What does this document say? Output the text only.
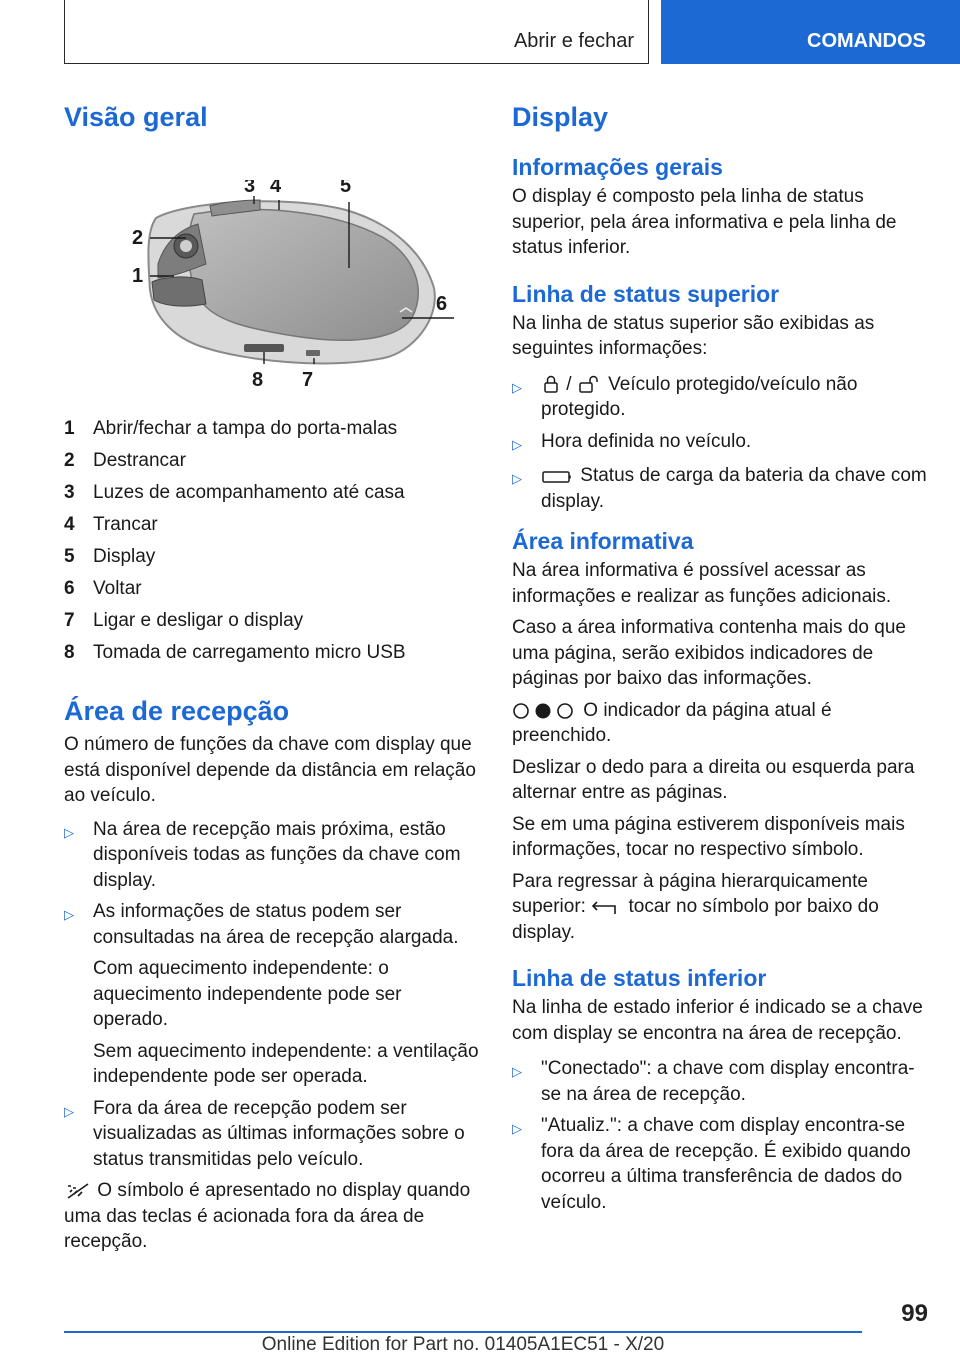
Abrir e fechar	COMANDOS
Visão geral
3 4	5
2
1
6
8 7
1 Abrir/fechar a tampa do porta-malas
2 Destrancar
3 Luzes de acompanhamento até casa
4 Trancar
5 Display
6 Voltar
7 Ligar e desligar o display
8 Tomada de carregamento micro USB
Área de recepção

O número de funções da chave com display que está disponível depende da distância em relação ao veículo.

▷	Na área de recepção mais próxima, estão disponíveis todas as funções da chave com display.

▷	As informações de status podem ser consultadas na área de recepção alargada.

Com aquecimento independente: o aquecimento independente pode ser operado.

Sem aquecimento independente: a ventilação independente pode ser operada.

▷	Fora da área de recepção podem ser visualizadas as últimas informações sobre o status transmitidas pelo veículo.

O símbolo é apresentado no display quando uma das teclas é acionada fora da área de recepção.

Display
Informações gerais

O display é composto pela linha de status superior, pela área informativa e pela linha de status inferior.

Linha de status superior

Na linha de status superior são exibidas as seguintes informações:

▷	/ Veículo protegido/veículo não protegido.

▷	Hora definida no veículo.

▷	Status de carga da bateria da chave com display.

Área informativa

Na área informativa é possível acessar as informações e realizar as funções adicionais.

Caso a área informativa contenha mais do que uma página, serão exibidos indicadores de páginas por baixo das informações.

O indicador da página atual é preenchido.

Deslizar o dedo para a direita ou esquerda para alternar entre as páginas.

Se em uma página estiverem disponíveis mais informações, tocar no respectivo símbolo.

Para regressar à página hierarquicamente superior: tocar no símbolo por baixo do display.

Linha de status inferior

Na linha de estado inferior é indicado se a chave com display se encontra na área de recepção.

▷	"Conectado": a chave com display encontra-se na área de recepção.

▷	"Atualiz.": a chave com display encontra-se fora da área de recepção. É exibido quando ocorreu a última transferência de dados do veículo.

99
Online Edition for Part no. 01405A1EC51 - X/20
